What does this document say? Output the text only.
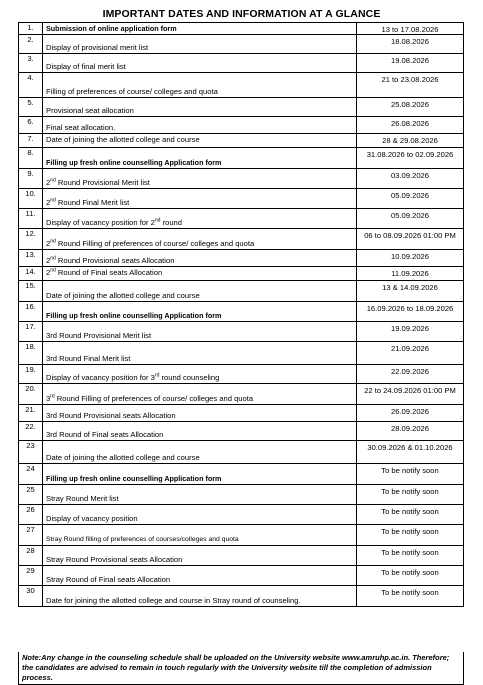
IMPORTANT DATES AND INFORMATION AT A GLANCE
1.	Submission of online application form	13 to 17.08.2026
2.	Display of provisional merit list	18.08.2026
3.	Display of final merit list	19.08.2026
4.	Filling of preferences of course/ colleges and quota	21 to 23.08.2026
5.	Provisional seat allocation	25.08.2026
6.	Final seat allocation.	26.08.2026
7.	Date of joining the allotted college and course	28 & 29.08.2026
8.	Filling up fresh online counselling Application form	31.08.2026 to 02.09.2026
9.	2nd Round Provisional Merit list	03.09.2026
10.	2nd Round Final Merit list	05.09.2026
11.	Display of vacancy position for 2nd round	05.09.2026
12.	2nd Round Filling of preferences of course/ colleges and quota	06 to 08.09.2026 01:00 PM
13.	2nd Round Provisional seats Allocation	10.09.2026
14.	2nd Round of Final seats Allocation	11.09.2026
15.	Date of joining the allotted college and course	13 & 14.09.2026
16.	Filling up fresh online counselling Application form	16.09.2026 to 18.09.2026
17.	3rd Round Provisional Merit list	19.09.2026
18.	3rd Round Final Merit list	21.09.2026
19.	Display of vacancy position for 3rd round counseling	22.09.2026
20.	3rd Round Filling of preferences of course/ colleges and quota	22 to 24.09.2026 01:00 PM
21.	3rd Round Provisional seats Allocation	26.09.2026
22.	3rd Round of Final seats Allocation	28.09.2026
23	Date of joining the allotted college and course	30.09.2026 & 01.10.2026
24	Filling up fresh online counselling Application form	To be notify soon
25	Stray Round Merit list	To be notify soon
26	Display of vacancy position	To be notify soon
27	Stray Round filling of preferences of courses/colleges and quota	To be notify soon
28	Stray Round Provisional seats Allocation	To be notify soon
29	Stray Round of Final seats Allocation	To be notify soon
30	Date for joining the allotted college and course in Stray round of counseling.	To be notify soon
Note:Any change in the counseling schedule shall be uploaded on the University website www.amruhp.ac.in. Therefore; the candidates are advised to remain in touch regularly with the University website till the completion of admission process.
